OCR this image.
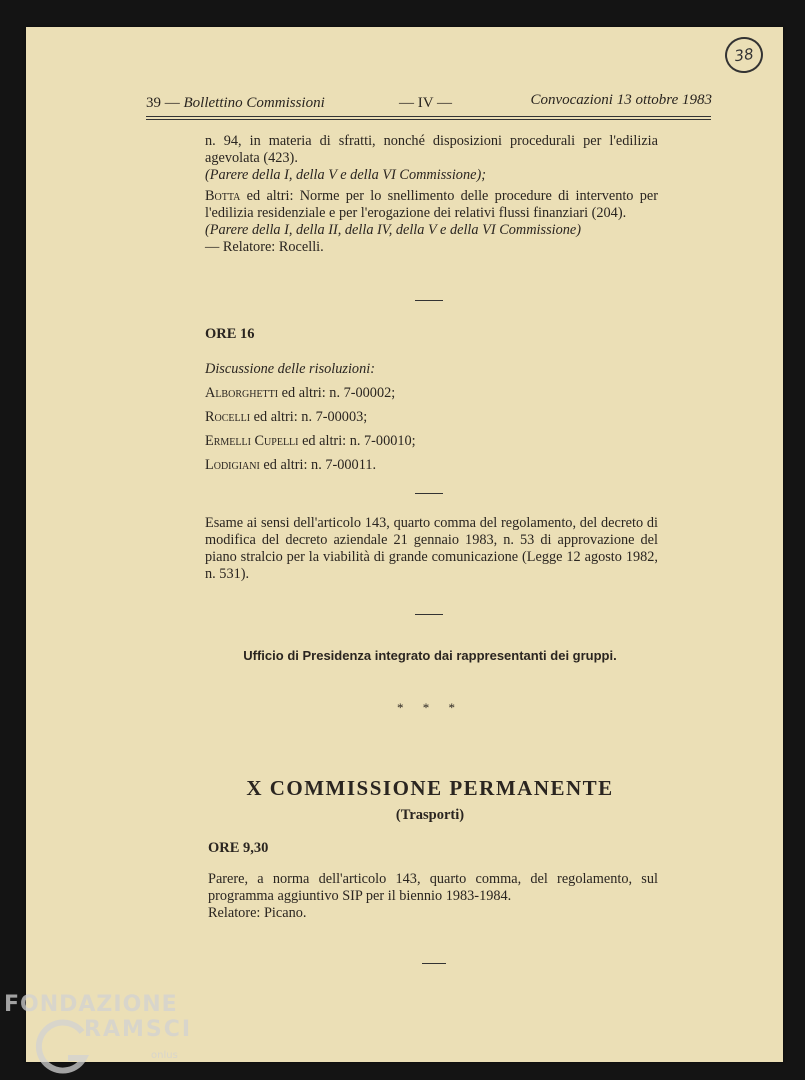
38
39 — Bollettino Commissioni	— IV —	Convocazioni 13 ottobre 1983

n. 94, in materia di sfratti, nonché disposizioni procedurali per l'edilizia agevolata (423).

(Parere della I, della V e della VI Commissione);

Botta ed altri: Norme per lo snellimento delle procedure di intervento per l'edilizia residenziale e per l'erogazione dei relativi flussi finanziari (204).

(Parere della I, della II, della IV, della V e della VI Commissione)

— Relatore: Rocelli.

ORE 16

Discussione delle risoluzioni:

Alborghetti ed altri: n. 7-00002;

Rocelli ed altri: n. 7-00003;

Ermelli Cupelli ed altri: n. 7-00010;

Lodigiani ed altri: n. 7-00011.

Esame ai sensi dell'articolo 143, quarto comma del regolamento, del decreto di modifica del decreto aziendale 21 gennaio 1983, n. 53 di approvazione del piano stralcio per la viabilità di grande comunicazione (Legge 12 agosto 1982, n. 531).
Ufficio di Presidenza integrato dai rappresentanti dei gruppi.
* * *
X COMMISSIONE PERMANENTE
(Trasporti)
ORE 9,30

Parere, a norma dell'articolo 143, quarto comma, del regolamento, sul programma aggiuntivo SIP per il biennio 1983-1984.

Relatore: Picano.

FONDAZIONE
RAMSCI
onlus
